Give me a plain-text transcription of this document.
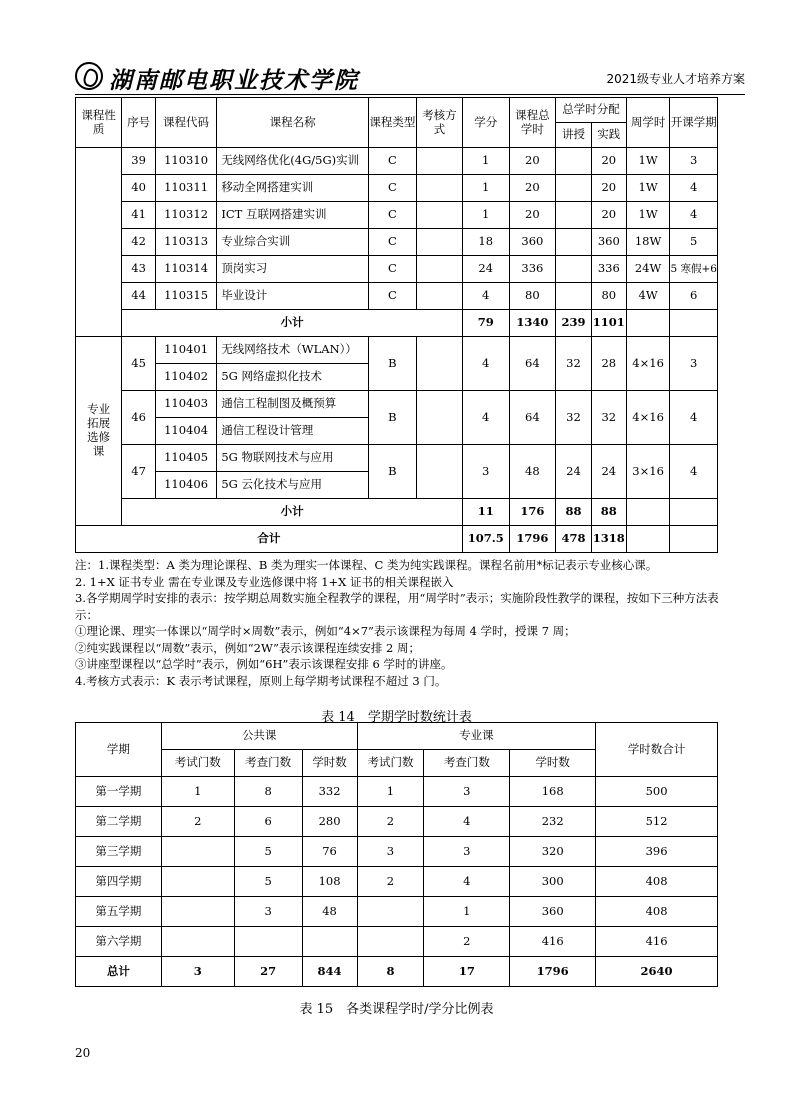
湖南邮电职业技术学院	2021级专业人才培养方案
课程性质	序号	课程代码	课程名称	课程类型	考核方式	学分	课程总学时	总学时分配		周学时	开课学期
								讲授	实践		
	39	110310	无线网络优化(4G/5G)实训	C		1	20		20	1W	3
	40	110311	移动全网搭建实训	C		1	20		20	1W	4
	41	110312	ICT 互联网搭建实训	C		1	20		20	1W	4
	42	110313	专业综合实训	C		18	360		360	18W	5
	43	110314	顶岗实习	C		24	336		336	24W	5 寒假+6
	44	110315	毕业设计	C		4	80		80	4W	6
	小计					79	1340	239	1101		
专业拓展选修课	45	110401	无线网络技术（WLAN））	B		4	64	32	28	4×16	3
		110402	5G 网络虚拟化技术								
	46	110403	通信工程制图及概预算	B		4	64	32	32	4×16	4
		110404	通信工程设计管理								
	47	110405	5G 物联网技术与应用	B		3	48	24	24	3×16	4
		110406	5G 云化技术与应用								
	小计					11	176	88	88		
合计						107.5	1796	478	1318		

注：1.课程类型：A 类为理论课程、B 类为理实一体课程、C 类为纯实践课程。课程名前用*标记表示专业核心课。

2. 1+X 证书专业 需在专业课及专业选修课中将 1+X 证书的相关课程嵌入

3.各学期周学时安排的表示：按学期总周数实施全程教学的课程，用“周学时”表示；实施阶段性教学的课程，按如下三种方法表示：

①理论课、理实一体课以“周学时×周数”表示，例如“4×7”表示该课程为每周 4 学时，授课 7 周；

②纯实践课程以“周数”表示，例如“2W”表示该课程连续安排 2 周；

③讲座型课程以“总学时”表示，例如“6H”表示该课程安排 6 学时的讲座。

4.考核方式表示：K 表示考试课程，原则上每学期考试课程不超过 3 门。

表 14　学期学时数统计表
学期	公共课			专业课			学时数合计
	考试门数	考查门数	学时数	考试门数	考查门数	学时数	
第一学期	1	8	332	1	3	168	500
第二学期	2	6	280	2	4	232	512
第三学期		5	76	3	3	320	396
第四学期		5	108	2	4	300	408
第五学期		3	48		1	360	408
第六学期					2	416	416
总计	3	27	844	8	17	1796	2640
表 15　各类课程学时/学分比例表
20
